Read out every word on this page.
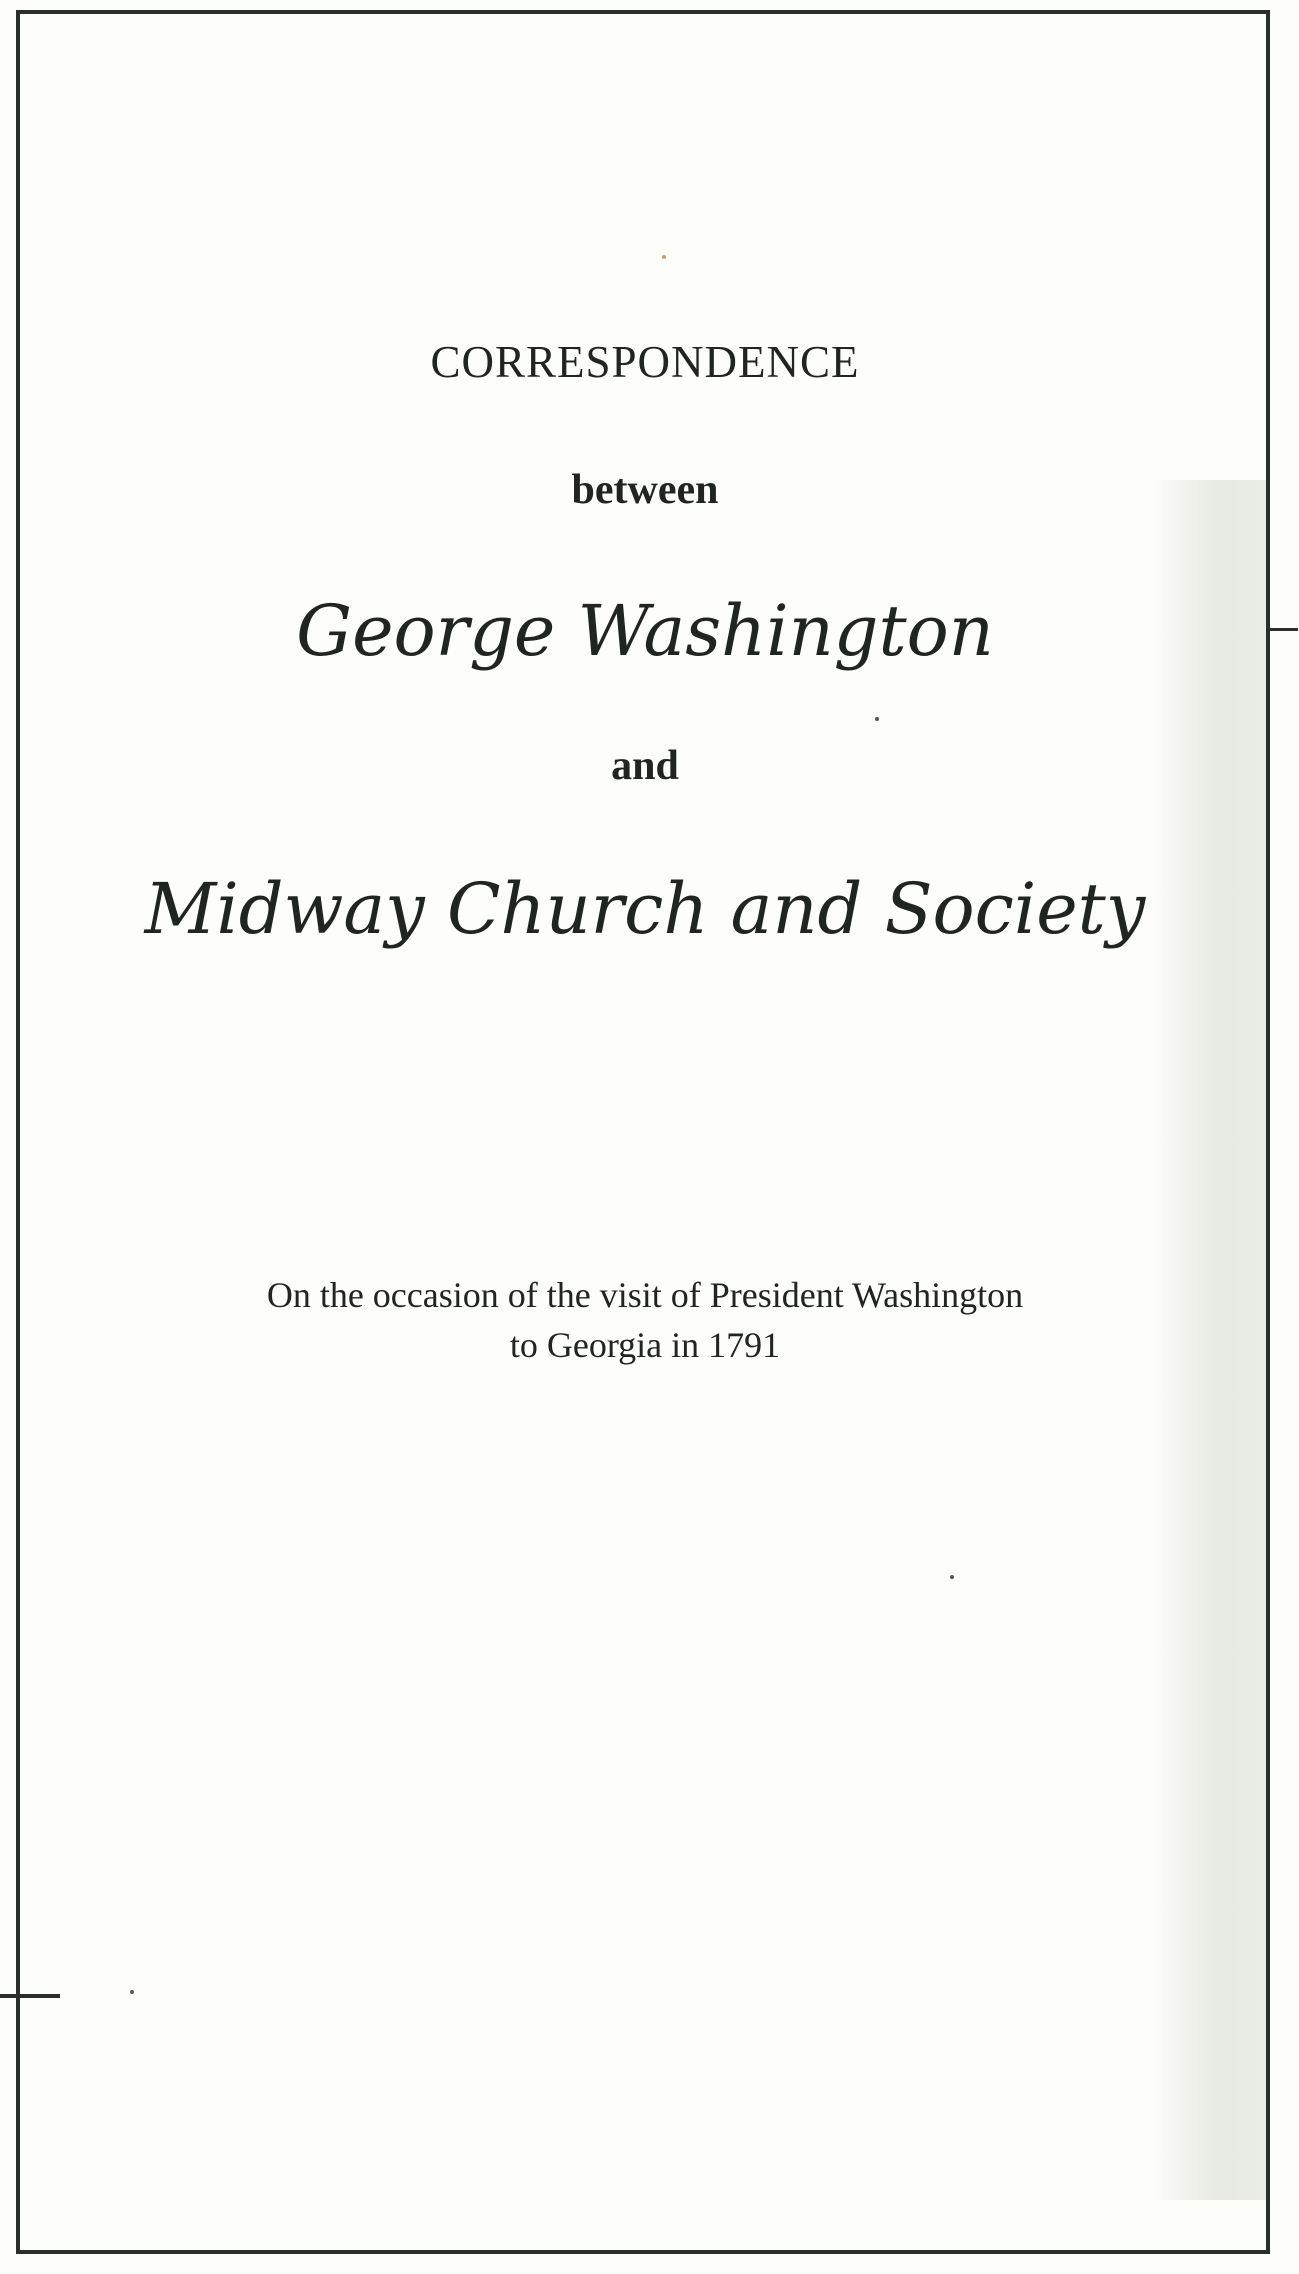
CORRESPONDENCE
between
George Washington
and
Midway Church and Society
On the occasion of the visit of President Washington
to Georgia in 1791
